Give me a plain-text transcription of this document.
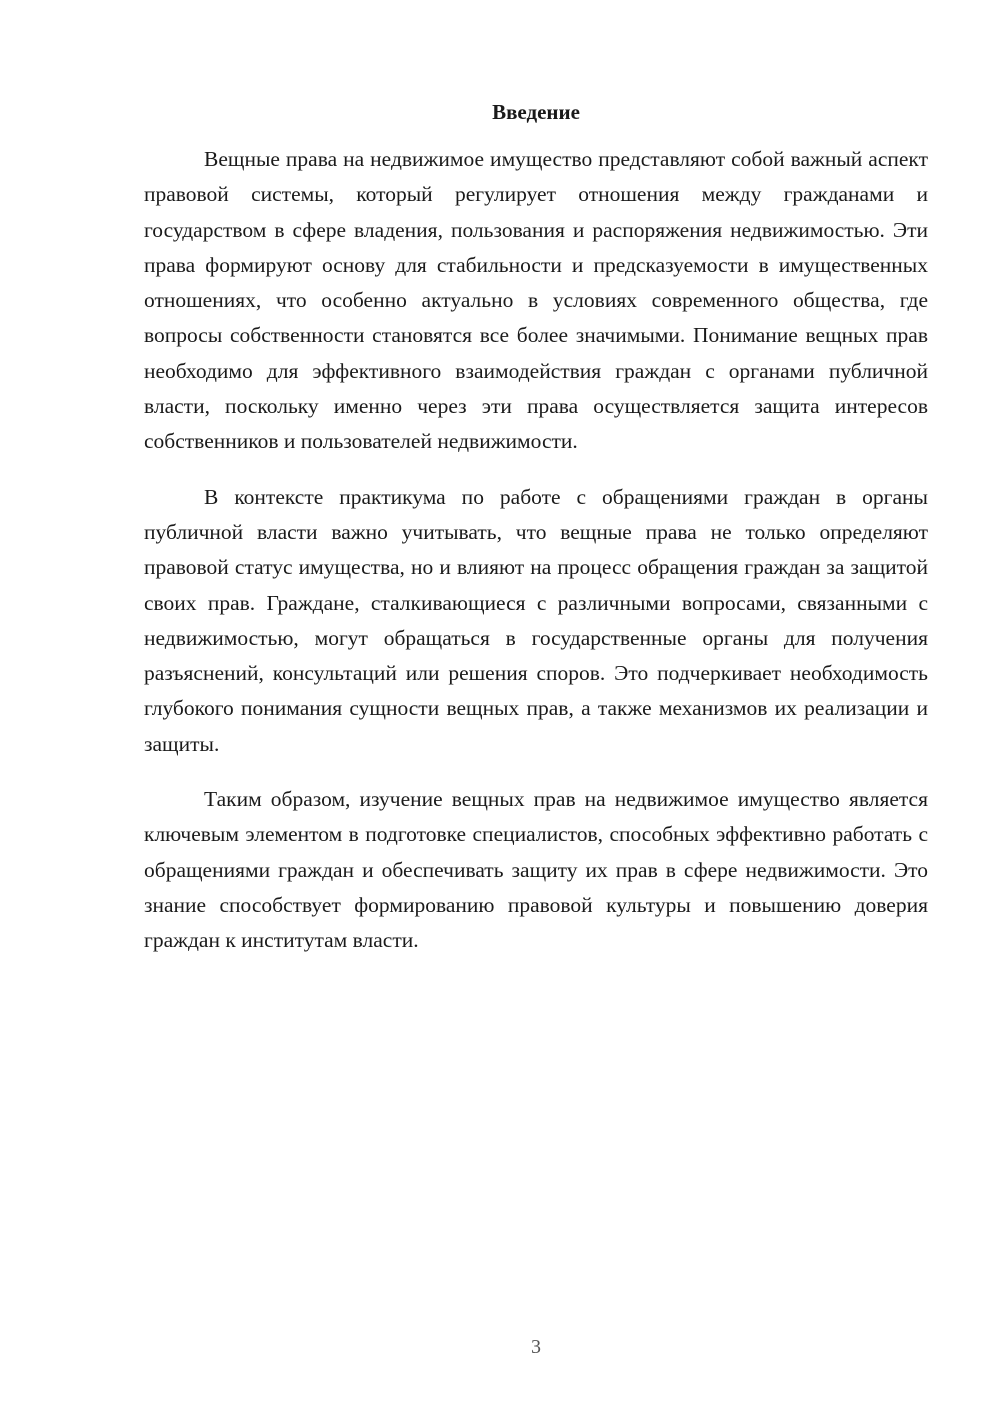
Введение

Вещные права на недвижимое имущество представляют собой важный аспект правовой системы, который регулирует отношения между гражданами и государством в сфере владения, пользования и распоряжения недвижимостью. Эти права формируют основу для стабильности и предсказуемости в имущественных отношениях, что особенно актуально в условиях современного общества, где вопросы собственности становятся все более значимыми. Понимание вещных прав необходимо для эффективного взаимодействия граждан с органами публичной власти, поскольку именно через эти права осуществляется защита интересов собственников и пользователей недвижимости.

В контексте практикума по работе с обращениями граждан в органы публичной власти важно учитывать, что вещные права не только определяют правовой статус имущества, но и влияют на процесс обращения граждан за защитой своих прав. Граждане, сталкивающиеся с различными вопросами, связанными с недвижимостью, могут обращаться в государственные органы для получения разъяснений, консультаций или решения споров. Это подчеркивает необходимость глубокого понимания сущности вещных прав, а также механизмов их реализации и защиты.

Таким образом, изучение вещных прав на недвижимое имущество является ключевым элементом в подготовке специалистов, способных эффективно работать с обращениями граждан и обеспечивать защиту их прав в сфере недвижимости. Это знание способствует формированию правовой культуры и повышению доверия граждан к институтам власти.

3
